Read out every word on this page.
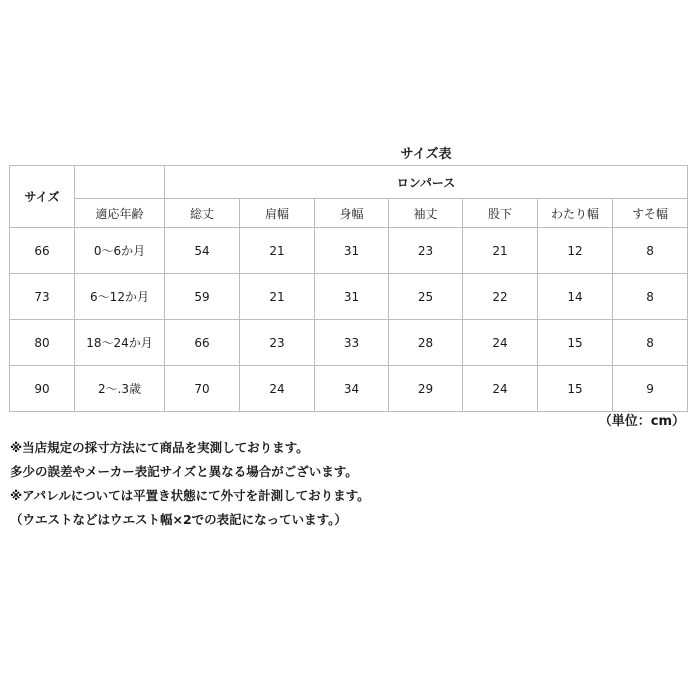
サイズ表
サイズ		ロンパース						
	適応年齢	総丈	肩幅	身幅	袖丈	股下	わたり幅	すそ幅
66	0～6か月	54	21	31	23	21	12	8
73	6～12か月	59	21	31	25	22	14	8
80	18～24か月	66	23	33	28	24	15	8
90	2～.3歳	70	24	34	29	24	15	9
（単位：cm）
※当店規定の採寸方法にて商品を実測しております。
多少の誤差やメーカー表記サイズと異なる場合がございます。
※アパレルについては平置き状態にて外寸を計測しております。
（ウエストなどはウエスト幅×2での表記になっています。）
